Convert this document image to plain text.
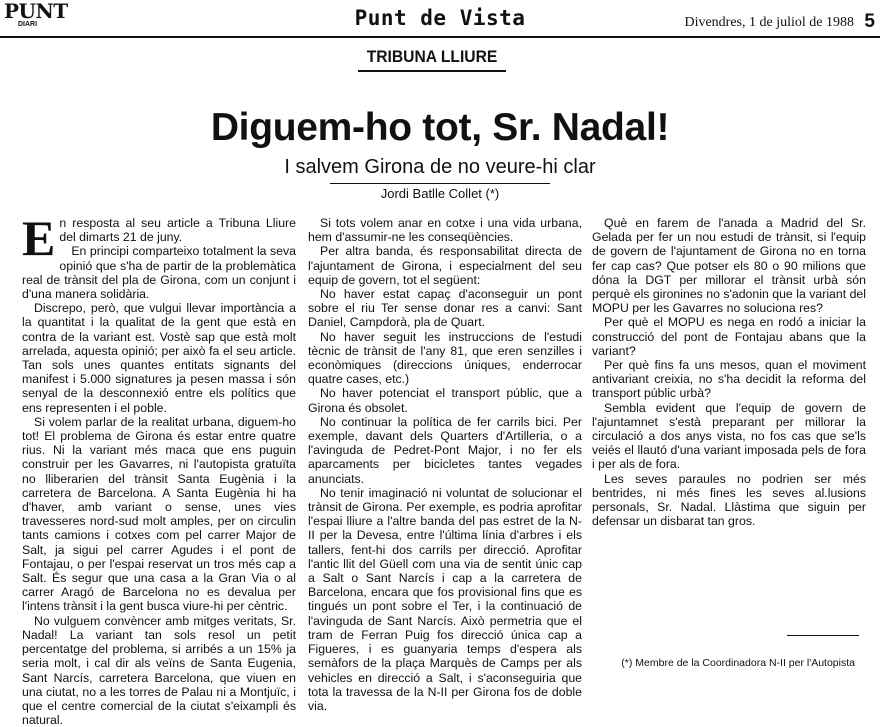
PUNT
DIARI	Punt de Vista	Divendres, 1 de juliol de 1988 5
TRIBUNA LLIURE
Diguem-ho tot, Sr. Nadal!
I salvem Girona de no veure-hi clar
Jordi Batlle Collet (*)

En resposta al seu article a Tribuna Lliure del dimarts 21 de juny.

En principi comparteixo totalment la seva opinió que s'ha de partir de la problemàtica real de trànsit del pla de Girona, com un conjunt i d'una manera solidària.

Discrepo, però, que vulgui llevar importància a la quantitat i la qualitat de la gent que està en contra de la variant est. Vostè sap que està molt arrelada, aquesta opinió; per això fa el seu article. Tan sols unes quantes entitats signants del manifest i 5.000 signatures ja pesen massa i són senyal de la desconnexió entre els polítics que ens representen i el poble.

Si volem parlar de la realitat urbana, diguem-ho tot! El problema de Girona és estar entre quatre rius. Ni la variant més maca que ens puguin construir per les Gavarres, ni l'autopista gratuïta no lliberarien del trànsit Santa Eugènia i la carretera de Barcelona. A Santa Eugènia hi ha d'haver, amb variant o sense, unes vies travesseres nord-sud molt amples, per on circulin tants camions i cotxes com pel carrer Major de Salt, ja sigui pel carrer Agudes i el pont de Fontajau, o per l'espai reservat un tros més cap a Salt. És segur que una casa a la Gran Via o al carrer Aragó de Barcelona no es devalua per l'intens trànsit i la gent busca viure-hi per cèntric.

No vulguem convèncer amb mitges veritats, Sr. Nadal! La variant tan sols resol un petit percentatge del problema, si arribés a un 15% ja seria molt, i cal dir als veïns de Santa Eugenia, Sant Narcís, carretera Barcelona, que viuen en una ciutat, no a les torres de Palau ni a Montjuïc, i que el centre comercial de la ciutat s'eixampli és natural.

Si tots volem anar en cotxe i una vida urbana, hem d'assumir-ne les conseqüències.

Per altra banda, és responsabilitat directa de l'ajuntament de Girona, i especialment del seu equip de govern, tot el següent:

No haver estat capaç d'aconseguir un pont sobre el riu Ter sense donar res a canvi: Sant Daniel, Campdorà, pla de Quart.

No haver seguit les instruccions de l'estudi tècnic de trànsit de l'any 81, que eren senzilles i econòmiques (direccions úniques, enderrocar quatre cases, etc.)

No haver potenciat el transport públic, que a Girona és obsolet.

No continuar la política de fer carrils bici. Per exemple, davant dels Quarters d'Artilleria, o a l'avinguda de Pedret-Pont Major, i no fer els aparcaments per bicicletes tantes vegades anunciats.

No tenir imaginació ni voluntat de solucionar el trànsit de Girona. Per exemple, es podria aprofitar l'espai lliure a l'altre banda del pas estret de la N-II per la Devesa, entre l'última línia d'arbres i els tallers, fent-hi dos carrils per direcció. Aprofitar l'antic llit del Güell com una via de sentit únic cap a Salt o Sant Narcís i cap a la carretera de Barcelona, encara que fos provisional fins que es tingués un pont sobre el Ter, i la continuació de l'avinguda de Sant Narcís. Això permetria que el tram de Ferran Puig fos direcció única cap a Figueres, i es guanyaria temps d'espera als semàfors de la plaça Marquès de Camps per als vehicles en direcció a Salt, i s'aconseguiria que tota la travessa de la N-II per Girona fos de doble via.

Què en farem de l'anada a Madrid del Sr. Gelada per fer un nou estudi de trànsit, si l'equip de govern de l'ajuntament de Girona no en torna fer cap cas? Que potser els 80 o 90 milions que dóna la DGT per millorar el trànsit urbà són perquè els gironines no s'adonin que la variant del MOPU per les Gavarres no soluciona res?

Per què el MOPU es nega en rodó a iniciar la construcció del pont de Fontajau abans que la variant?

Per què fins fa uns mesos, quan el moviment antivariant creixia, no s'ha decidit la reforma del transport públic urbà?

Sembla evident que l'equip de govern de l'ajuntamnet s'està preparant per millorar la circulació a dos anys vista, no fos cas que se'ls veiés el llautó d'una variant imposada pels de fora i per als de fora.

Les seves paraules no podrien ser més bentrides, ni més fines les seves al.lusions personals, Sr. Nadal. Llàstima que siguin per defensar un disbarat tan gros.

(*) Membre de la Coordinadora N-II per l'Autopista
